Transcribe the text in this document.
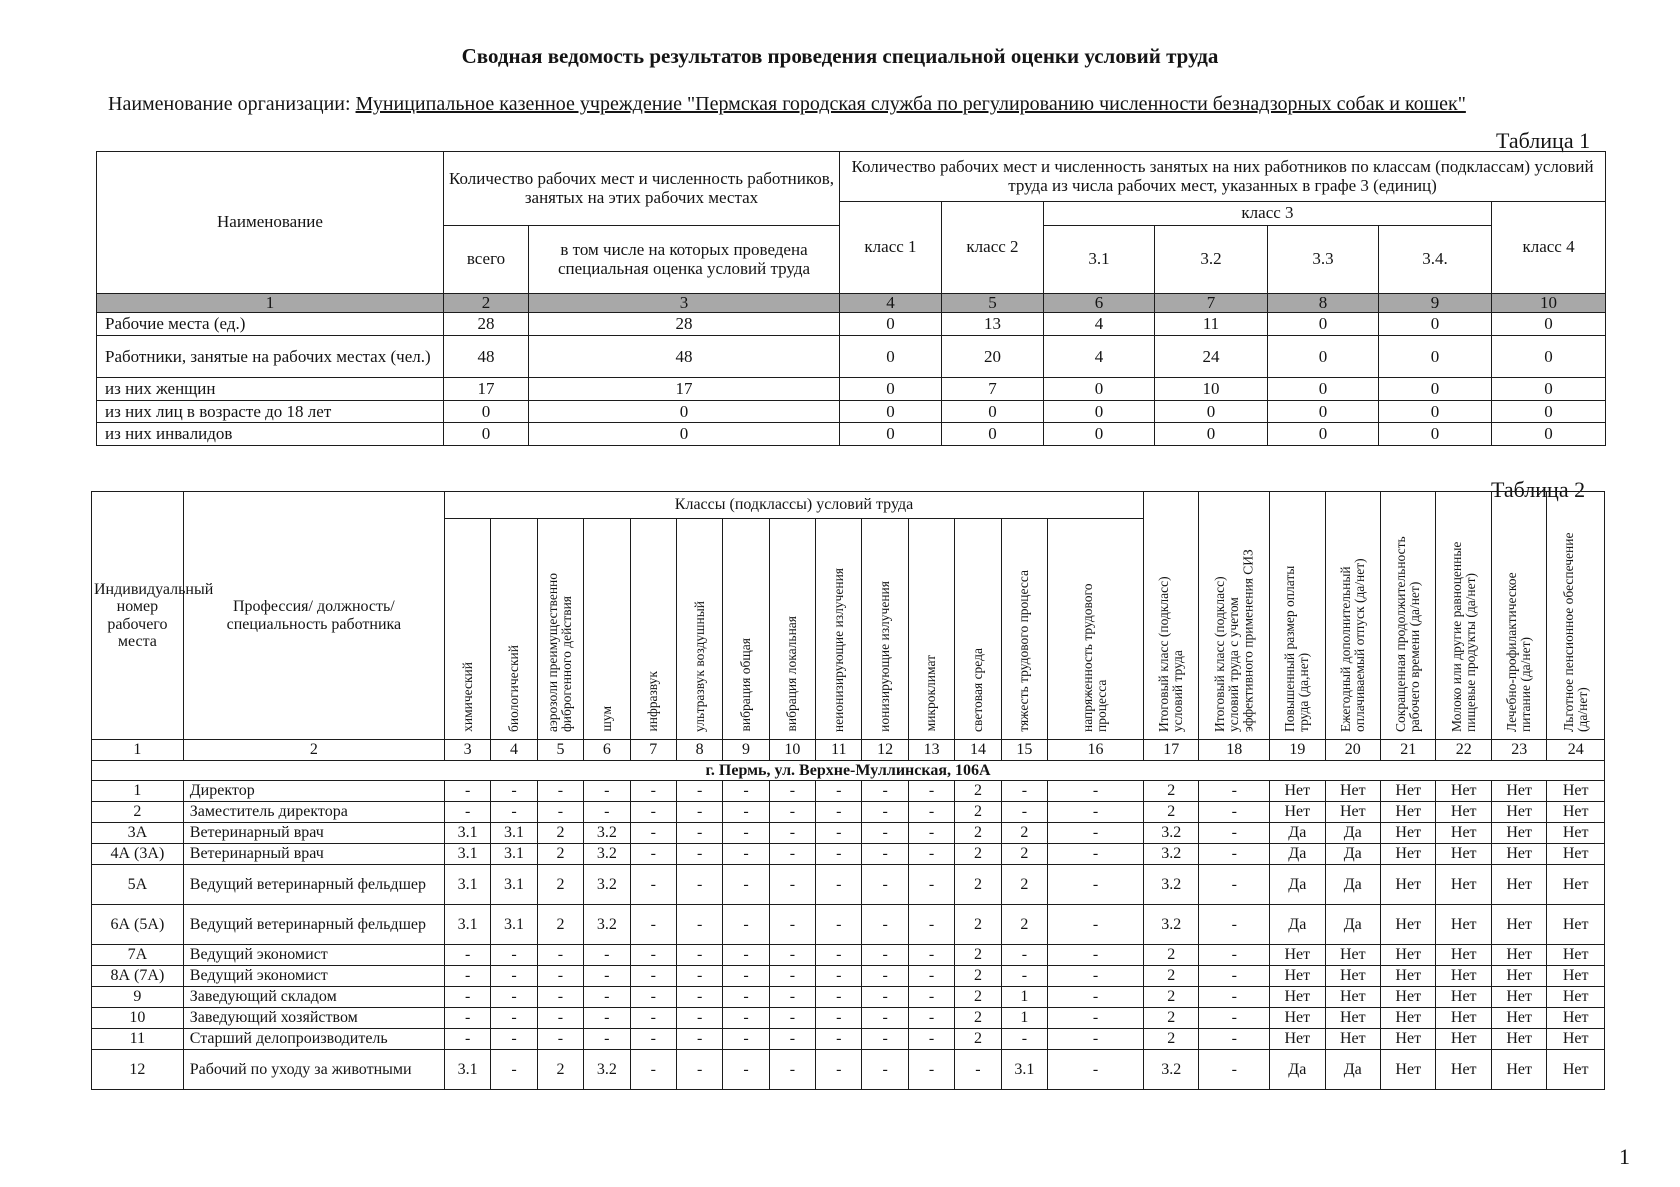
Сводная ведомость результатов проведения специальной оценки условий труда

Наименование организации: Муниципальное казенное учреждение "Пермская городская служба по регулированию численности безнадзорных собак и кошек"

Таблица 1
Наименование	Количество рабочих мест и численность работников, занятых на этих рабочих местах		Количество рабочих мест и численность занятых на них работников по классам (подклассам) условий труда из числа рабочих мест, указанных в графе 3 (единиц)						
			класс 1	класс 2	класс 3				класс 4
	всего	в том числе на которых проведена специальная оценка условий труда			3.1	3.2	3.3	3.4.	
1	2	3	4	5	6	7	8	9	10
Рабочие места (ед.)	28	28	0	13	4	11	0	0	0
Работники, занятые на рабочих местах (чел.)	48	48	0	20	4	24	0	0	0
из них женщин	17	17	0	7	0	10	0	0	0
из них лиц в возрасте до 18 лет	0	0	0	0	0	0	0	0	0
из них инвалидов	0	0	0	0	0	0	0	0	0
Таблица 2
Индивидуальный номер рабочего места	Профессия/ должность/ специальность работника	Классы (подклассы) условий труда														Итоговый класс (подкласс) условий труда	Итоговый класс (подкласс) условий труда с учетом эффективного применения СИЗ	Повышенный размер оплаты труда (да,нет)	Ежегодный дополнительный оплачиваемый отпуск (да/нет)	Сокращенная продолжительность рабочего времени (да/нет)	Молоко или другие равноценные пищевые продукты (да/нет)	Лечебно-профилактическое питание (да/нет)	Льготное пенсионное обеспечение (да/нет)
		химический	биологический	аэрозоли преимущественно фиброгенного действия	шум	инфразвук	ультразвук воздушный	вибрация общая	вибрация локальная	неионизирующие излучения	ионизирующие излучения	микроклимат	световая среда	тяжесть трудового процесса	напряженность трудового процесса								
1	2	3	4	5	6	7	8	9	10	11	12	13	14	15	16	17	18	19	20	21	22	23	24
г. Пермь, ул. Верхне-Муллинская, 106А																							
1	Директор	-	-	-	-	-	-	-	-	-	-	-	2	-	-	2	-	Нет	Нет	Нет	Нет	Нет	Нет
2	Заместитель директора	-	-	-	-	-	-	-	-	-	-	-	2	-	-	2	-	Нет	Нет	Нет	Нет	Нет	Нет
3А	Ветеринарный врач	3.1	3.1	2	3.2	-	-	-	-	-	-	-	2	2	-	3.2	-	Да	Да	Нет	Нет	Нет	Нет
4А (3А)	Ветеринарный врач	3.1	3.1	2	3.2	-	-	-	-	-	-	-	2	2	-	3.2	-	Да	Да	Нет	Нет	Нет	Нет
5А	Ведущий ветеринарный фельдшер	3.1	3.1	2	3.2	-	-	-	-	-	-	-	2	2	-	3.2	-	Да	Да	Нет	Нет	Нет	Нет
6А (5А)	Ведущий ветеринарный фельдшер	3.1	3.1	2	3.2	-	-	-	-	-	-	-	2	2	-	3.2	-	Да	Да	Нет	Нет	Нет	Нет
7А	Ведущий экономист	-	-	-	-	-	-	-	-	-	-	-	2	-	-	2	-	Нет	Нет	Нет	Нет	Нет	Нет
8А (7А)	Ведущий экономист	-	-	-	-	-	-	-	-	-	-	-	2	-	-	2	-	Нет	Нет	Нет	Нет	Нет	Нет
9	Заведующий складом	-	-	-	-	-	-	-	-	-	-	-	2	1	-	2	-	Нет	Нет	Нет	Нет	Нет	Нет
10	Заведующий хозяйством	-	-	-	-	-	-	-	-	-	-	-	2	1	-	2	-	Нет	Нет	Нет	Нет	Нет	Нет
11	Старший делопроизводитель	-	-	-	-	-	-	-	-	-	-	-	2	-	-	2	-	Нет	Нет	Нет	Нет	Нет	Нет
12	Рабочий по уходу за животными	3.1	-	2	3.2	-	-	-	-	-	-	-	-	3.1	-	3.2	-	Да	Да	Нет	Нет	Нет	Нет
1
